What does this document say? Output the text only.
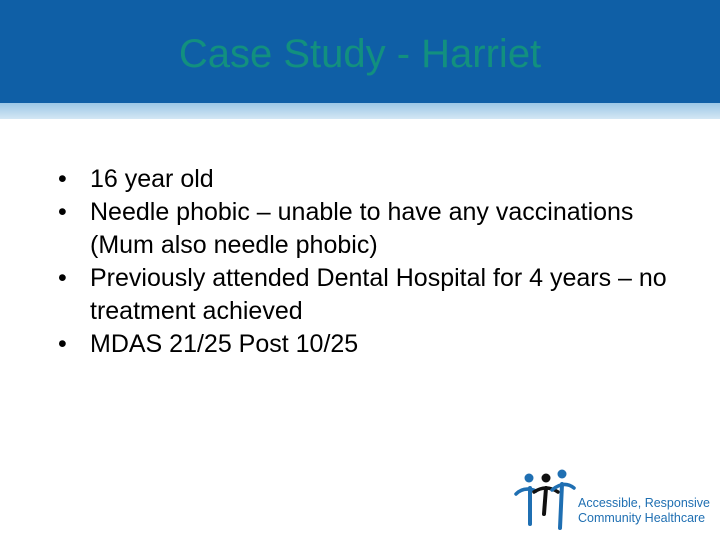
Case Study - Harriet
• 16 year old
• Needle phobic – unable to have any vaccinations (Mum also needle phobic)
• Previously attended Dental Hospital for 4 years – no treatment achieved
• MDAS 21/25 Post 10/25
Accessible, Responsive
Community Healthcare
